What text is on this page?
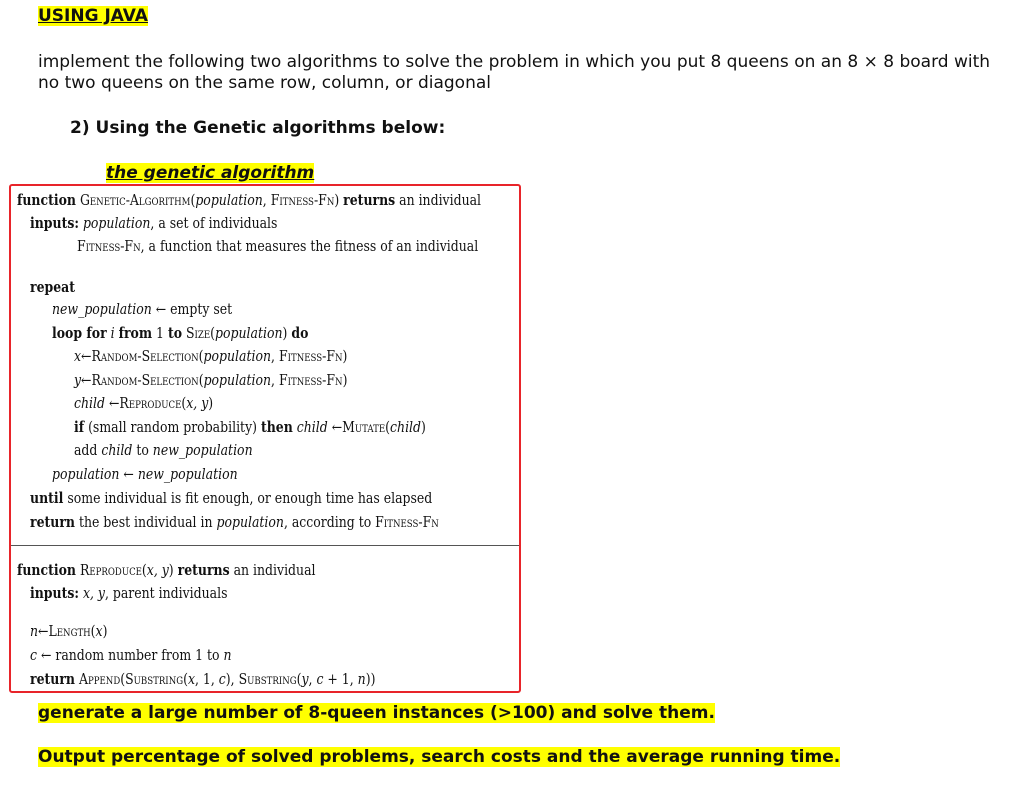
USING JAVA
implement the following two algorithms to solve the problem in which you put 8 queens on an 8 × 8 board with
no two queens on the same row, column, or diagonal
2) Using the Genetic algorithms below:
the genetic algorithm
function Genetic-Algorithm(population, Fitness-Fn) returns an individual
inputs: population, a set of individuals
Fitness-Fn, a function that measures the fitness of an individual
repeat
new_population ← empty set
loop for i from 1 to Size(population) do
x←Random-Selection(population, Fitness-Fn)
y←Random-Selection(population, Fitness-Fn)
child ←Reproduce(x, y)
if (small random probability) then child ←Mutate(child)
add child to new_population
population ← new_population
until some individual is fit enough, or enough time has elapsed
return the best individual in population, according to Fitness-Fn
function Reproduce(x, y) returns an individual
inputs: x, y, parent individuals
n←Length(x)
c ← random number from 1 to n
return Append(Substring(x, 1, c), Substring(y, c + 1, n))
generate a large number of 8-queen instances (>100) and solve them.
Output percentage of solved problems, search costs and the average running time.
